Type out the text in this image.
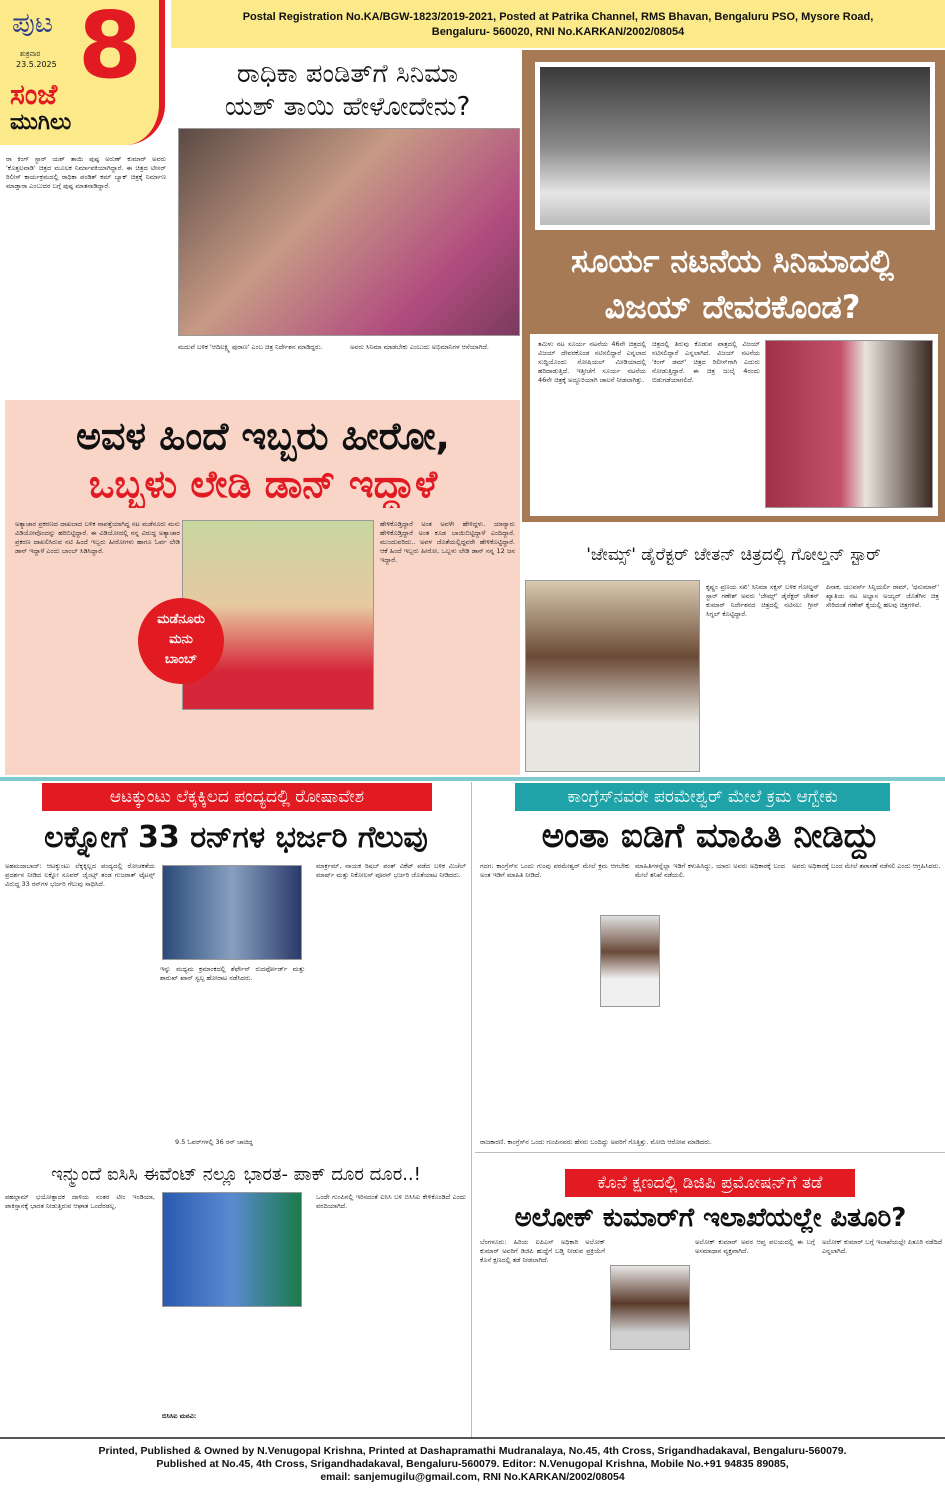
ಪುಟ 8
ಶುಕ್ರವಾರ
23.5.2025
ಸಂಜೆ
ಮುಗಿಲು
Postal Registration No.KA/BGW-1823/2019-2021, Posted at Patrika Channel, RMS Bhavan, Bengaluru PSO, Mysore Road,
Bengaluru- 560020, RNI No.KARKAN/2002/08054
ರಾ ಕಿಂಗ್ ಸ್ಟಾರ್ ಯಶ್ ತಾಯಿ ಪುಷ್ಪ ಅರುಣ್ ಕುಮಾರ್ ಅವರು 'ಕೊತ್ತಲವಾಡಿ' ಚಿತ್ರದ ಮೂಲಕ ನಿರ್ಮಾಪಕಿಯಾಗಿದ್ದಾರೆ. ಈ ಚಿತ್ರದ ಟೀಸರ್ ರಿಲೀಸ್ ಕಾರ್ಯಕ್ರಮದಲ್ಲಿ ರಾಧಿಕಾ ಪಂಡಿತ್ ಕಮ್ ಬ್ಯಾಕ್ ಚಿತ್ರಕ್ಕೆ ನಿರ್ಮಾಣ ಮಾಡ್ತಾರಾ ಎಂಬುದರ ಬಗ್ಗೆ ಪುಷ್ಪ ಮಾತನಾಡಿದ್ದಾರೆ.
ರಾಧಿಕಾ ಪಂಡಿತ್‌ಗೆ ಸಿನಿಮಾ
ಯಶ್ ತಾಯಿ ಹೇಳೋದೇನು?
ಮದುವೆ ಬಳಿಕ 'ಆದಿಲಕ್ಷ್ಮಿ ಪುರಾಣ' ಎಂಬ ಚಿತ್ರ ನಿರ್ದೇಶನ ಮಾಡಿದ್ದರು.	ಅವರು ಸಿನಿಮಾ ಮಾಡಬೇಕು ಎಂಬುದು ಅಭಿಮಾನಿಗಳ ಆಸೆಯಾಗಿದೆ.
ಸೂರ್ಯ ನಟನೆಯ ಸಿನಿಮಾದಲ್ಲಿ
ವಿಜಯ್ ದೇವರಕೊಂಡ?
ತಮಿಳು ನಟ ಸೂರ್ಯ ನಟನೆಯ 46ನೇ ಚಿತ್ರದಲ್ಲಿ ವಿಜಯ್ ದೇವರಕೊಂಡ ನಟಿಸಲಿದ್ದಾರೆ ಎನ್ನಲಾದ ಸುದ್ದಿಯೊಂದು ಸೋಷಿಯಲ್ ಮೀಡಿಯಾದಲ್ಲಿ ಹರಿದಾಡುತ್ತಿದೆ. ಇತ್ತೀಚೆಗೆ ಸೂರ್ಯ ನಟನೆಯ 46ನೇ ಚಿತ್ರಕ್ಕೆ ಅದ್ದೂರಿಯಾಗಿ ಚಾಲನೆ ನೀಡಲಾಗಿತ್ತು.
ಚಿತ್ರದಲ್ಲಿ ತಿರುವು ಕೊಡುವ ಪಾತ್ರದಲ್ಲಿ ವಿಜಯ್ ನಟಿಸಲಿದ್ದಾರೆ ಎನ್ನಲಾಗಿದೆ. ವಿಜಯ್ ನಟನೆಯ 'ಕಿಂಗ್ ಡಮ್' ಚಿತ್ರದ ರಿಲೀಸ್‌ಗಾಗಿ ಎದುರು ನೋಡುತ್ತಿದ್ದಾರೆ. ಈ ಚಿತ್ರ ಜುಲೈ 4ರಂದು ಬಿಡುಗಡೆಯಾಗಲಿದೆ.
ಅವಳ ಹಿಂದೆ ಇಬ್ಬರು ಹೀರೋ,
ಒಬ್ಬಳು ಲೇಡಿ ಡಾನ್ ಇದ್ದಾಳೆ
ಅತ್ಯಾಚಾರ ಪ್ರಕರಣದ ದಾಖಲಾದ ಬಳಿಕ ನಾಪತ್ತೆಯಾಗಿದ್ದ ನಟ ಮಡೆನೂರು ಮನು ವಿಡಿಯೋವೊಂದನ್ನು ಹರಿಬಿಟ್ಟಿದ್ದಾರೆ. ಈ ವಿಡಿಯೋದಲ್ಲಿ ನನ್ನ ವಿರುದ್ಧ ಅತ್ಯಾಚಾರ ಪ್ರಕರಣ ದಾಖಲಿಸಿರುವ ನಟಿ ಹಿಂದೆ ಇಬ್ಬರು ಹೀರೋಗಳು ಹಾಗೂ ಓರ್ವ ಲೇಡಿ ಡಾನ್ ಇದ್ದಾಳೆ ಎಂದು ಬಾಂಬ್ ಸಿಡಿಸಿದ್ದಾರೆ.
ಹೇಳಿಕೊಡ್ತಿದ್ದಾರೆ ಅಂತ ಅವಳೇ ಹೇಳಿದ್ದಳು. ಯಾರ್‍ಯಾರು ಹೇಳಿಕೊಡ್ತಿದ್ದಾರೆ ಅಂತ ಕೂಡ ಬಾಯಿಬಿಟ್ಟಿದ್ದಾಳೆ ಎಂದಿದ್ದಾರೆ. ಮುಂದುವರಿದು.. ಅವಳ ಜೊತೆಯಲ್ಲಿದ್ದವರೇ ಹೇಳಿಕೊಟ್ಟಿದ್ದಾರೆ. ಆಕೆ ಹಿಂದೆ ಇಬ್ಬರು ಹೀರೋ, ಒಬ್ಬಳು ಲೇಡಿ ಡಾನ್ ನನ್ನ 12 ಜನ ಇದ್ದಾರೆ.
ಮಡೆನೂರು
ಮನು
ಬಾಂಬ್
'ಜೇಮ್ಸ್' ಡೈರೆಕ್ಟರ್ ಚೇತನ್ ಚಿತ್ರದಲ್ಲಿ ಗೋಲ್ಡನ್ ಸ್ಟಾರ್
ಕೃಷ್ಣಂ ಪ್ರಣಯ ಸಖಿ' ಸಿನಿಮಾ ಸಕ್ಸಸ್ ಬಳಿಕ ಗೋಲ್ಡನ್ ಸ್ಟಾರ್ ಗಣೇಶ್ ಅವರು 'ಜೇಮ್ಸ್' ಡೈರೆಕ್ಟರ್ ಚೇತನ್ ಕುಮಾರ್ ನಿರ್ದೇಶನದ ಚಿತ್ರದಲ್ಲಿ ನಟಿಸಲು ಗ್ರೀನ್ ಸಿಗ್ನಲ್ ಕೊಟ್ಟಿದ್ದಾರೆ.
ಪಿನಾಕ, ಯುವರ್ಸ್ ಸಿನ್ಸಿಯರ್ಲಿ ರಾಮ್, 'ಧನುಮಾನ್' ಖ್ಯಾತಿಯ ನಟ ಅಭ್ಯಾಸ ಅಯ್ಯರ್ ಜೊತೆಗಿನ ಚಿತ್ರ ಸೇರಿದಂತೆ ಗಣೇಶ್ ಕೈಯಲ್ಲಿ ಹಲವು ಚಿತ್ರಗಳಿವೆ.
ಆಟಕ್ಕುಂಟು ಲೆಕ್ಕಕ್ಕಿಲದ ಪಂದ್ಯದಲ್ಲಿ ರೋಷಾವೇಶ
ಲಕ್ನೋಗೆ 33 ರನ್‌ಗಳ ಭರ್ಜರಿ ಗೆಲುವು
ಅಹಮದಾಬಾದ್: ಆಟಕ್ಕುಂಟು ಲೆಕ್ಕಕ್ಕಿಲ್ಲದ ಪಂದ್ಯದಲ್ಲಿ ರೋಚಕತೆಯ ಪ್ರದರ್ಶನ ನೀಡಿದ ಲಕ್ನೋ ಸೂಪರ್ ಜೈಂಟ್ಸ್ ತಂಡ ಗುಜರಾತ್ ಟೈಟನ್ಸ್ ವಿರುದ್ಧ 33 ರನ್‌ಗಳ ಭರ್ಜರಿ ಗೆಲುವು ಸಾಧಿಸಿದೆ.
ಇನ್ನು ಮಧ್ಯಮ ಕ್ರಮಾಂಕದಲ್ಲಿ ಶೆರ್ಫೇನ್ ರುದರ್ಫೋರ್ಡ್ ಮತ್ತು ಶಾರುಖ್ ಖಾನ್ ಸ್ವಲ್ಪ ಹೋರಾಟ ನಡೆಸಿದರು.
9.5 ಓವರ್‌ಗಳಲ್ಲಿ 36 ರನ್ ಚಾಚಿದ್ದ
ಮಾರ್ಕ್ರಮ್, ನಾಯಕ ರಿಷಬ್ ಪಂತ್ ವಿಕೆಟ್ ಪಡೆದ ಬಳಿಕ ಮಿಚೆಲ್ ಮಾರ್ಷ್ ಮತ್ತು ನಿಕೋಲಸ್ ಪೂರನ್ ಭರ್ಜರಿ ಜೊತೆಯಾಟ ನೀಡಿದರು.
ಕಾಂಗ್ರೆಸ್‌ನವರೇ ಪರಮೇಶ್ವರ್ ಮೇಲೆ ಕ್ರಮ ಆಗ್ಬೇಕು
ಅಂತಾ ಐಡಿಗೆ ಮಾಹಿತಿ ನೀಡಿದ್ದು
ಗದಗ: ಕಾಂಗ್ರೆಸ್‌ನ ಒಂದು ಗುಂಪು ಪರಮೇಶ್ವರ್ ಮೇಲೆ ಕ್ರಮ ಆಗಬೇಕು ಅಂತ ಇಡಿಗೆ ಮಾಹಿತಿ ನೀಡಿದೆ.
ಮಾಹಿತಿಗಳನ್ನೆಲ್ಲಾ ಇಡಿಗೆ ಕಳುಹಿಸಿದ್ದು, ಯಾರು ಅವರು ಅಧಿಕಾರಕ್ಕೆ ಬಂದ ಮೇಲೆ ತನಿಖೆ ನಡೆಯಲಿ.
ಅವರು ಅಧಿಕಾರಕ್ಕೆ ಬಂದ ಮೇಲೆ ತಪಾಸಣೆ ನಡೆಸಲಿ ಎಂದು ಆಗ್ರಹಿಸಿದರು.
ರಾಜಕಾರಣಿ. ಕಾಂಗ್ರೆಸ್‌ನ ಒಂದು ಗುಂಪಿನವರು ಹೆಸರು ಬಂದಿದ್ದು ಅವರಿಗೆ ಗೊತ್ತಿತ್ತು. ಮೋದಿ ಆರೋಪ ಮಾಡಿದರು.
ಇನ್ಮುಂದೆ ಐಸಿಸಿ ಈವೆಂಟ್ ನಲ್ಲೂ ಭಾರತ- ಪಾಕ್ ದೂರ ದೂರ..!
ಪಹಲ್ಗಾಮ್ ಭಯೋತ್ಪಾದಕ ದಾಳಿಯ ನಂತರ ಟೀಂ ಇಂಡಿಯಾ, ಪಾಕಿಸ್ತಾನಕ್ಕೆ ಭಾರತ ನೀಡುತ್ತಿರುವ ಆಘಾತ ಒಂದೆರಡಲ್ಲ.
ಒಂದೇ ಗುಂಪಿನಲ್ಲಿ ಇರಿಸದಂತೆ ಐಸಿಸಿ ಬಳಿ ಬಿಸಿಸಿಐ ಕೇಳಿಕೊಂಡಿದೆ ಎಂದು ವರದಿಯಾಗಿದೆ.
ಬಿಸಿಸಿಐ ಮನವಿ:
ಕೊನೆ ಕ್ಷಣದಲ್ಲಿ ಡಿಜಿಪಿ ಪ್ರಮೋಷನ್‌ಗೆ ತಡೆ
ಅಲೋಕ್ ಕುಮಾರ್‌ಗೆ ಇಲಾಖೆಯಲ್ಲೇ ಪಿತೂರಿ?
ಬೆಂಗಳೂರು: ಹಿರಿಯ ಐಪಿಎಸ್ ಅಧಿಕಾರಿ ಅಲೋಕ್ ಕುಮಾರ್ ಅವರಿಗೆ ಡಿಜಿಪಿ ಹುದ್ದೆಗೆ ಬಡ್ತಿ ನೀಡುವ ಪ್ರಕ್ರಿಯೆಗೆ ಕೊನೆ ಕ್ಷಣದಲ್ಲಿ ತಡೆ ನೀಡಲಾಗಿದೆ.
ಅಲೋಕ್ ಕುಮಾರ್ ಅವರ ಆಪ್ತ ವಲಯದಲ್ಲಿ ಈ ಬಗ್ಗೆ ಅಸಮಾಧಾನ ವ್ಯಕ್ತವಾಗಿದೆ.
ಅಲೋಕ್ ಕುಮಾರ್ ಬಗ್ಗೆ ಇಲಾಖೆಯಲ್ಲೇ ಪಿತೂರಿ ನಡೆದಿದೆ ಎನ್ನಲಾಗಿದೆ.
Printed, Published & Owned by N.Venugopal Krishna, Printed at Dashapramathi Mudranalaya, No.45, 4th Cross, Srigandhadakaval, Bengaluru-560079.
Published at No.45, 4th Cross, Srigandhadakaval, Bengaluru-560079. Editor: N.Venugopal Krishna, Mobile No.+91 94835 89085,
email: sanjemugilu@gmail.com, RNI No.KARKAN/2002/08054
